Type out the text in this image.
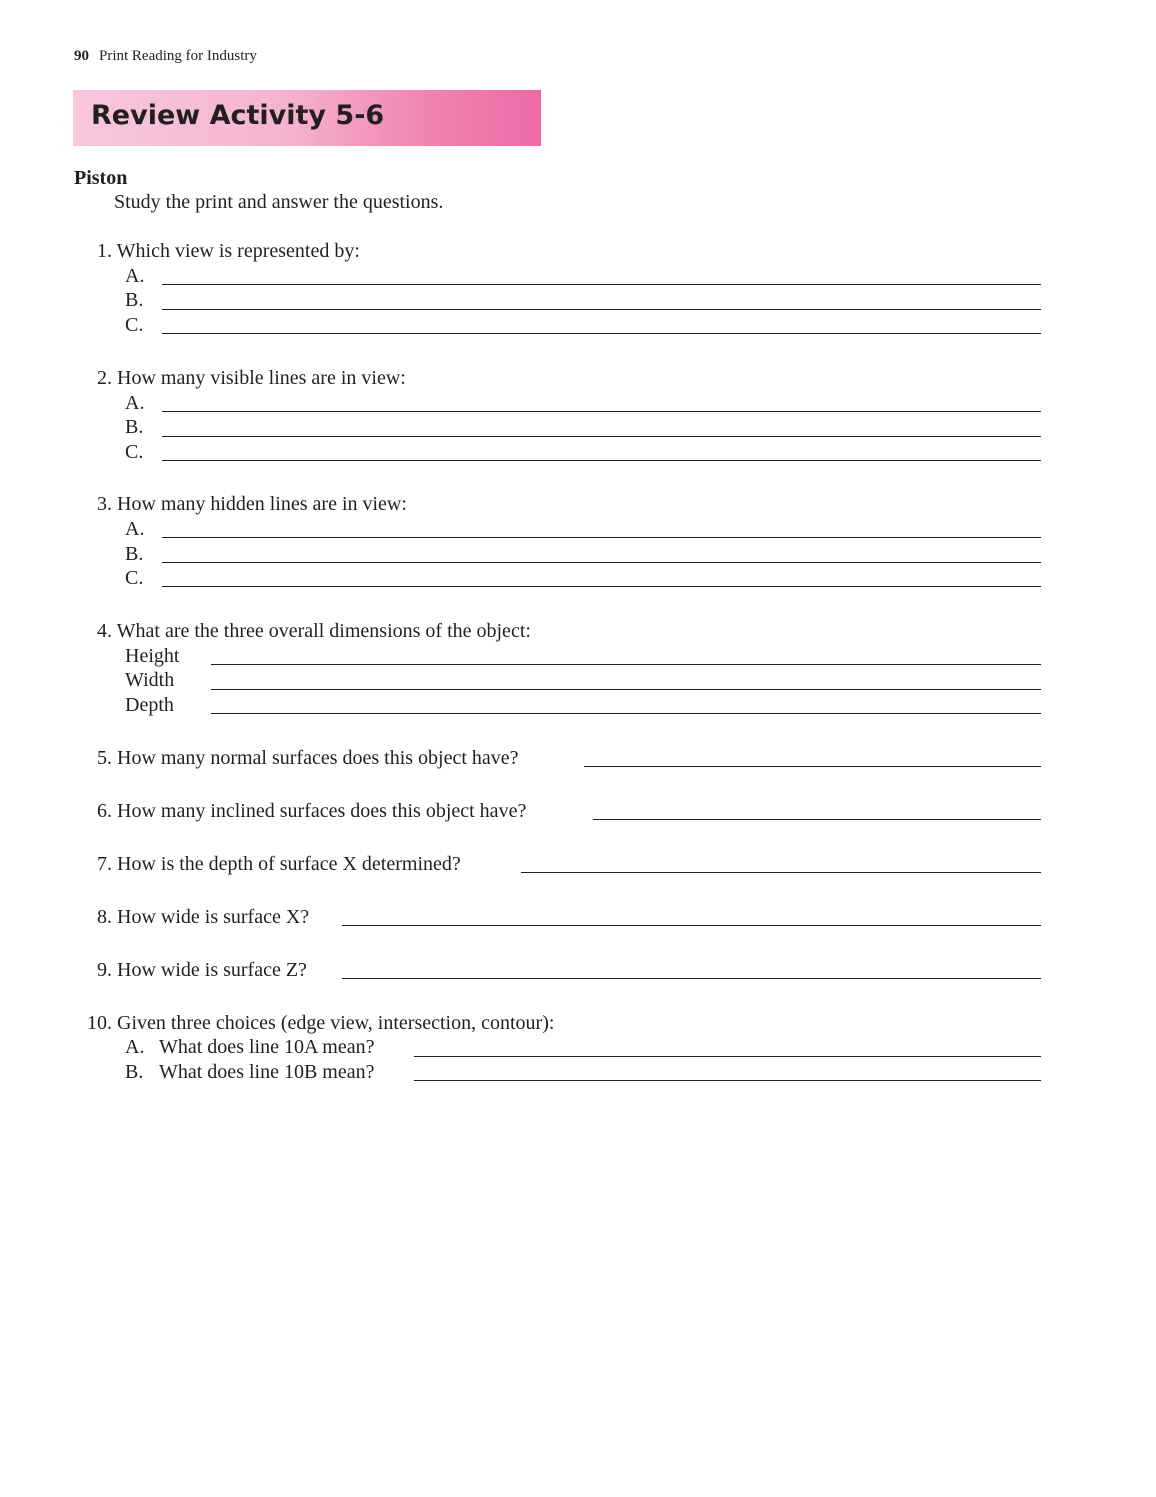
90 Print Reading for Industry
Review Activity 5-6
Piston
Study the print and answer the questions.
1. Which view is represented by:
A.
B.
C.
2. How many visible lines are in view:
A.
B.
C.
3. How many hidden lines are in view:
A.
B.
C.
4. What are the three overall dimensions of the object:
Height
Width
Depth
5. How many normal surfaces does this object have?
6. How many inclined surfaces does this object have?
7. How is the depth of surface X determined?
8. How wide is surface X?
9. How wide is surface Z?
10. Given three choices (edge view, intersection, contour):
A. What does line 10A mean?
B. What does line 10B mean?
